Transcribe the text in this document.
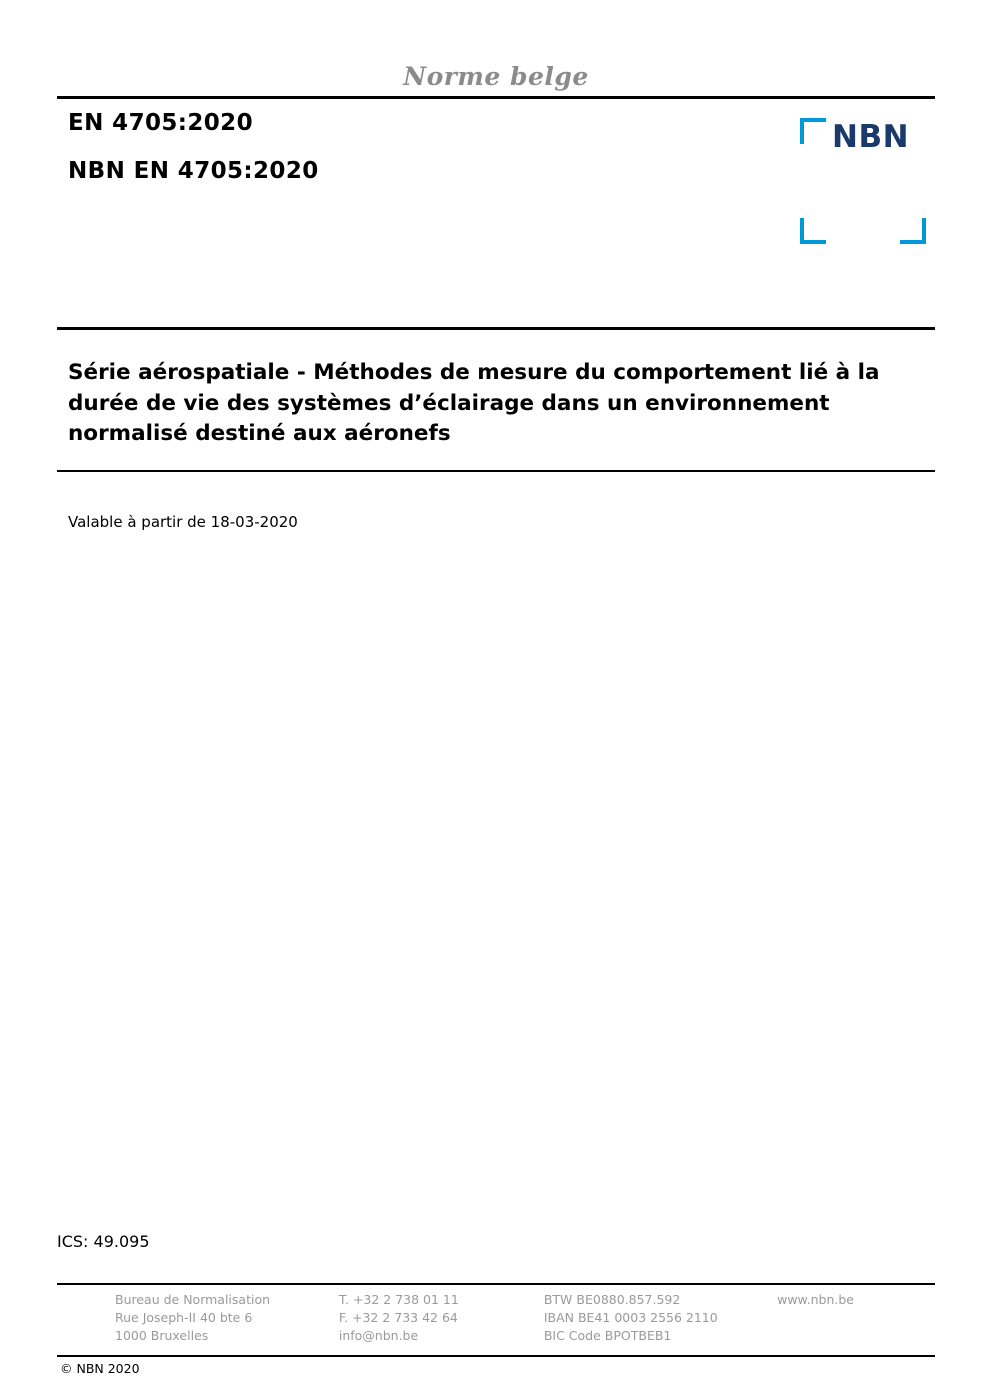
Norme belge
EN 4705:2020
NBN EN 4705:2020
NBN
Série aérospatiale - Méthodes de mesure du comportement lié à la durée de vie des systèmes d’éclairage dans un environnement normalisé destiné aux aéronefs
Valable à partir de 18-03-2020
ICS: 49.095
Bureau de Normalisation
Rue Joseph-II 40 bte 6
1000 Bruxelles
T. +32 2 738 01 11
F. +32 2 733 42 64
info@nbn.be
BTW BE0880.857.592
IBAN BE41 0003 2556 2110
BIC Code BPOTBEB1
www.nbn.be
© NBN 2020
